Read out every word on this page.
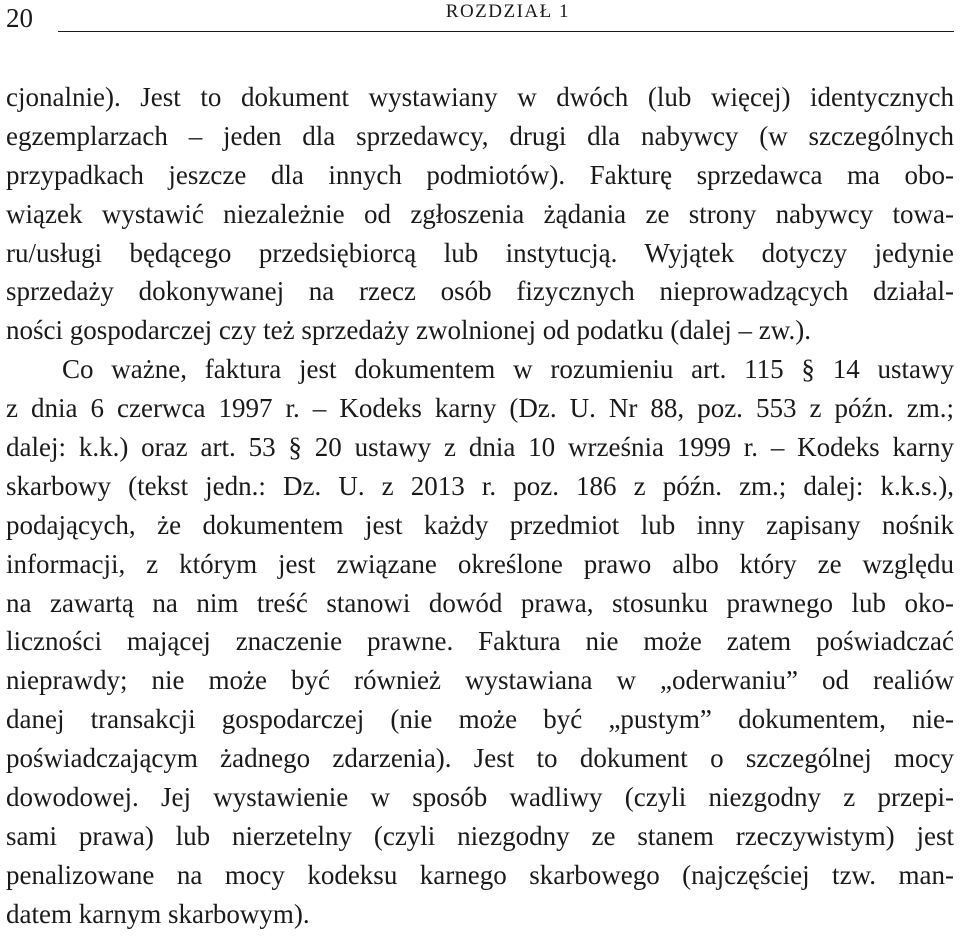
20	ROZDZIAŁ 1
cjonalnie). Jest to dokument wystawiany w dwóch (lub więcej) identycznych
egzemplarzach – jeden dla sprzedawcy, drugi dla nabywcy (w szczególnych
przypadkach jeszcze dla innych podmiotów). Fakturę sprzedawca ma obo-
wiązek wystawić niezależnie od zgłoszenia żądania ze strony nabywcy towa-
ru/usługi będącego przedsiębiorcą lub instytucją. Wyjątek dotyczy jedynie
sprzedaży dokonywanej na rzecz osób fizycznych nieprowadzących działal-
ności gospodarczej czy też sprzedaży zwolnionej od podatku (dalej – zw.).
Co ważne, faktura jest dokumentem w rozumieniu art. 115 § 14 ustawy
z dnia 6 czerwca 1997 r. – Kodeks karny (Dz. U. Nr 88, poz. 553 z późn. zm.;
dalej: k.k.) oraz art. 53 § 20 ustawy z dnia 10 września 1999 r. – Kodeks karny
skarbowy (tekst jedn.: Dz. U. z 2013 r. poz. 186 z późn. zm.; dalej: k.k.s.),
podających, że dokumentem jest każdy przedmiot lub inny zapisany nośnik
informacji, z którym jest związane określone prawo albo który ze względu
na zawartą na nim treść stanowi dowód prawa, stosunku prawnego lub oko-
liczności mającej znaczenie prawne. Faktura nie może zatem poświadczać
nieprawdy; nie może być również wystawiana w „oderwaniu” od realiów
danej transakcji gospodarczej (nie może być „pustym” dokumentem, nie-
poświadczającym żadnego zdarzenia). Jest to dokument o szczególnej mocy
dowodowej. Jej wystawienie w sposób wadliwy (czyli niezgodny z przepi-
sami prawa) lub nierzetelny (czyli niezgodny ze stanem rzeczywistym) jest
penalizowane na mocy kodeksu karnego skarbowego (najczęściej tzw. man-
datem karnym skarbowym).
